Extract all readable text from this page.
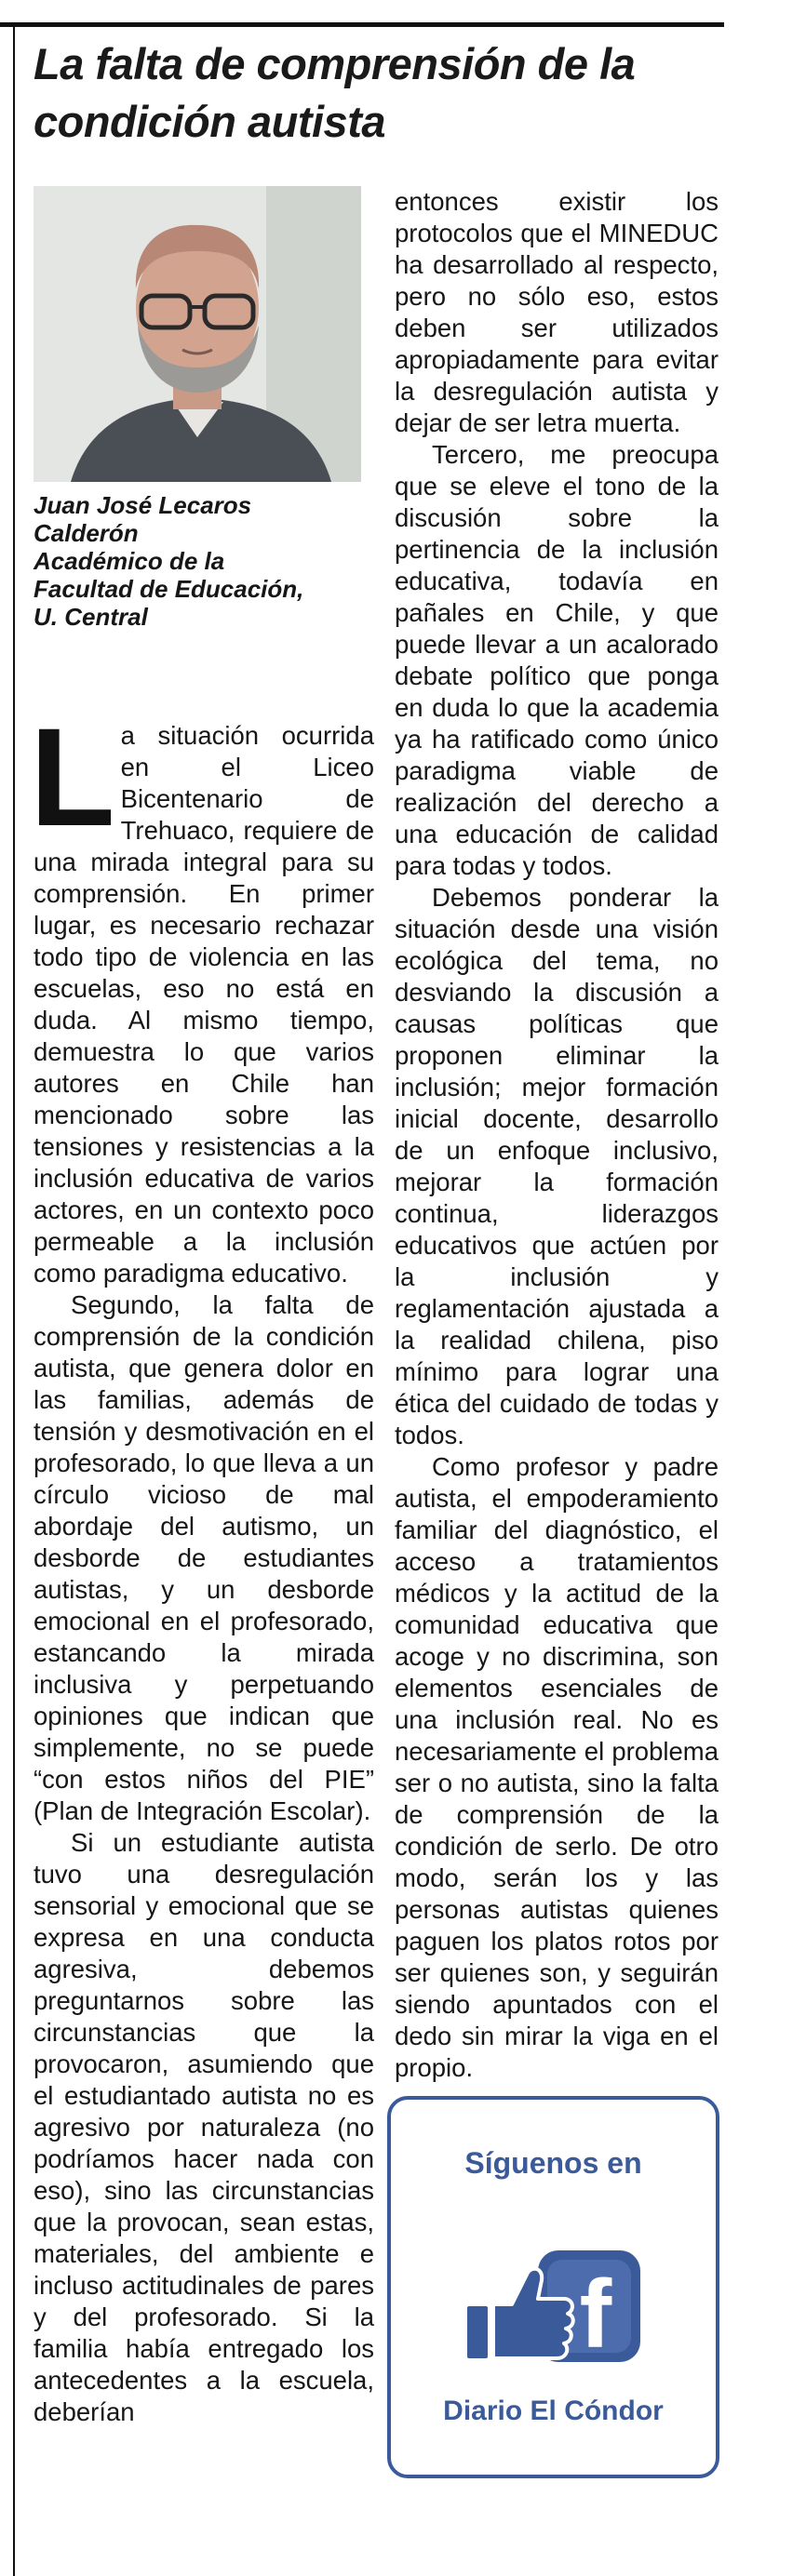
La falta de comprensión de la
condición autista
Juan José Lecaros
Calderón
Académico de la
Facultad de Educación,
U. Central

La situación ocurrida en el Liceo Bicentenario de Trehuaco, requiere de una mirada integral para su comprensión. En primer lugar, es necesario rechazar todo tipo de violencia en las escuelas, eso no está en duda. Al mismo tiempo, demuestra lo que varios autores en Chile han mencionado sobre las tensiones y resistencias a la inclusión educativa de varios actores, en un contexto poco permeable a la inclusión como paradigma educativo.

Segundo, la falta de comprensión de la condición autista, que genera dolor en las familias, además de tensión y desmotivación en el profesorado, lo que lleva a un círculo vicioso de mal abordaje del autismo, un desborde de estudiantes autistas, y un desborde emocional en el profesorado, estancando la mirada inclusiva y perpetuando opiniones que indican que simplemente, no se puede “con estos niños del PIE” (Plan de Integración Escolar).

Si un estudiante autista tuvo una desregulación sensorial y emocional que se expresa en una conducta agresiva, debemos preguntarnos sobre las circunstancias que la provocaron, asumiendo que el estudiantado autista no es agresivo por naturaleza (no podríamos hacer nada con eso), sino las circunstancias que la provocan, sean estas, materiales, del ambiente e incluso actitudinales de pares y del profesorado. Si la familia había entregado los antecedentes a la escuela, deberían

entonces existir los protocolos que el MINEDUC ha desarrollado al respecto, pero no sólo eso, estos deben ser utilizados apropiadamente para evitar la desregulación autista y dejar de ser letra muerta.

Tercero, me preocupa que se eleve el tono de la discusión sobre la pertinencia de la inclusión educativa, todavía en pañales en Chile, y que puede llevar a un acalorado debate político que ponga en duda lo que la academia ya ha ratificado como único paradigma viable de realización del derecho a una educación de calidad para todas y todos.

Debemos ponderar la situación desde una visión ecológica del tema, no desviando la discusión a causas políticas que proponen eliminar la inclusión; mejor formación inicial docente, desarrollo de un enfoque inclusivo, mejorar la formación continua, liderazgos educativos que actúen por la inclusión y reglamentación ajustada a la realidad chilena, piso mínimo para lograr una ética del cuidado de todas y todos.

Como profesor y padre autista, el empoderamiento familiar del diagnóstico, el acceso a tratamientos médicos y la actitud de la comunidad educativa que acoge y no discrimina, son elementos esenciales de una inclusión real. No es necesariamente el problema ser o no autista, sino la falta de comprensión de la condición de serlo. De otro modo, serán los y las personas autistas quienes paguen los platos rotos por ser quienes son, y seguirán siendo apuntados con el dedo sin mirar la viga en el propio.

Síguenos en
f
Diario El Cóndor
